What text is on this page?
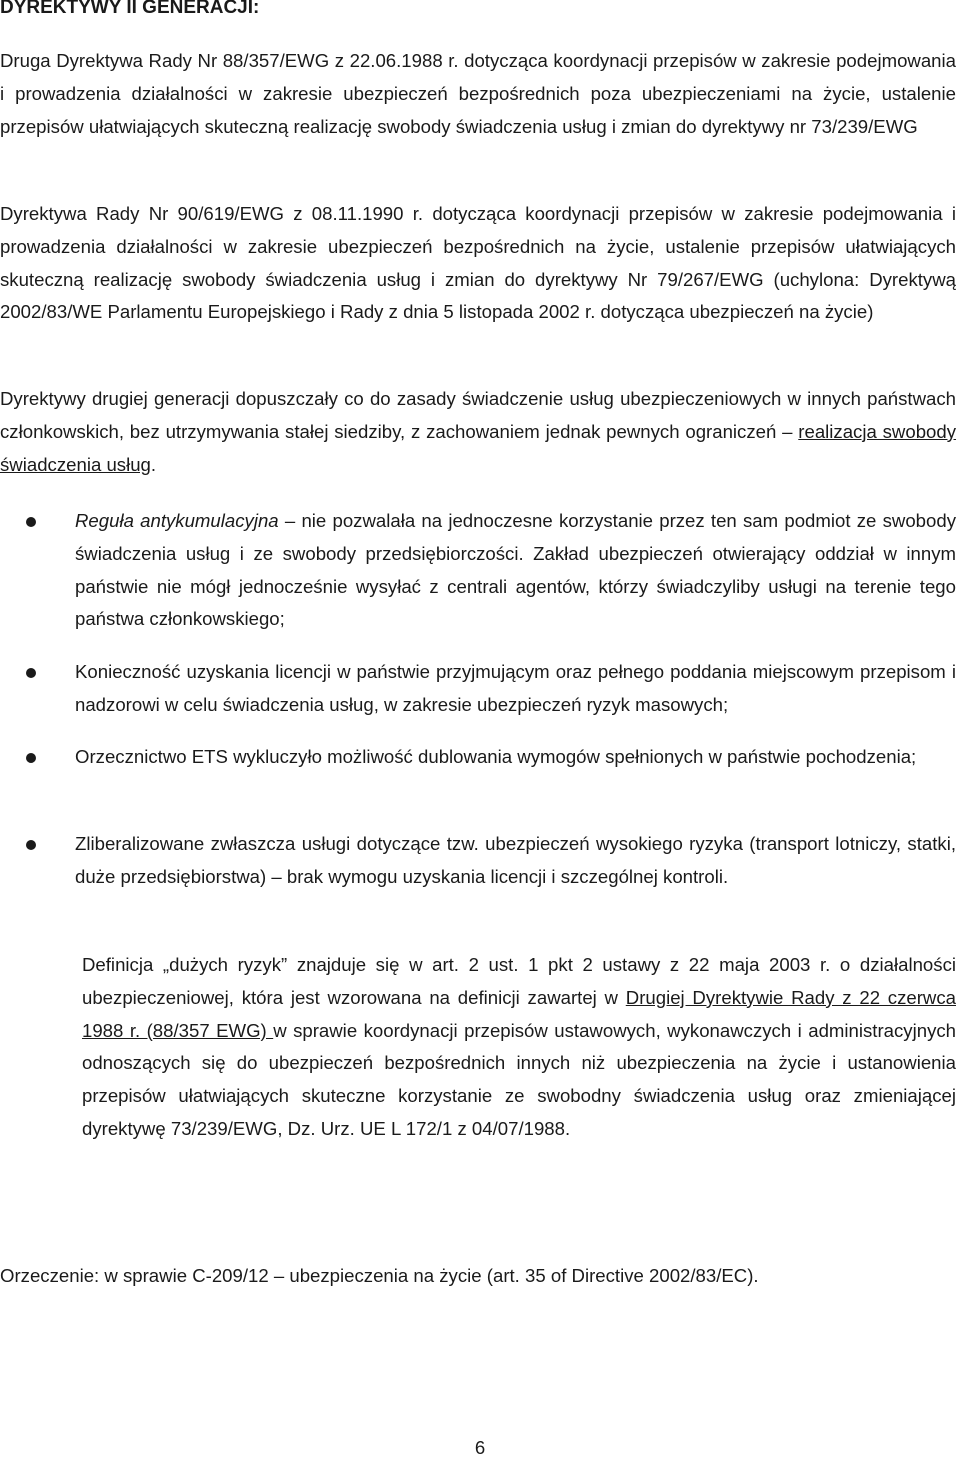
DYREKTYWY II GENERACJI:

Druga Dyrektywa Rady Nr 88/357/EWG z 22.06.1988 r. dotycząca koordynacji przepisów w zakresie podejmowania i prowadzenia działalności w zakresie ubezpieczeń bezpośrednich poza ubezpieczeniami na życie, ustalenie przepisów ułatwiających skuteczną realizację swobody świadczenia usług i zmian do dyrektywy nr 73/239/EWG

Dyrektywa Rady Nr 90/619/EWG z 08.11.1990 r. dotycząca koordynacji przepisów w zakresie podejmowania i prowadzenia działalności w zakresie ubezpieczeń bezpośrednich na życie, ustalenie przepisów ułatwiających skuteczną realizację swobody świadczenia usług i zmian do dyrektywy Nr 79/267/EWG (uchylona: Dyrektywą 2002/83/WE Parlamentu Europejskiego i Rady z dnia 5 listopada 2002 r. dotycząca ubezpieczeń na życie)

Dyrektywy drugiej generacji dopuszczały co do zasady świadczenie usług ubezpieczeniowych w innych państwach członkowskich, bez utrzymywania stałej siedziby, z zachowaniem jednak pewnych ograniczeń – realizacja swobody świadczenia usług.

Reguła antykumulacyjna – nie pozwalała na jednoczesne korzystanie przez ten sam podmiot ze swobody świadczenia usług i ze swobody przedsiębiorczości. Zakład ubezpieczeń otwierający oddział w innym państwie nie mógł jednocześnie wysyłać z centrali agentów, którzy świadczyliby usługi na terenie tego państwa członkowskiego;
Konieczność uzyskania licencji w państwie przyjmującym oraz pełnego poddania miejscowym przepisom i nadzorowi w celu świadczenia usług, w zakresie ubezpieczeń ryzyk masowych;
Orzecznictwo ETS wykluczyło możliwość dublowania wymogów spełnionych w państwie pochodzenia;
Zliberalizowane zwłaszcza usługi dotyczące tzw. ubezpieczeń wysokiego ryzyka (transport lotniczy, statki, duże przedsiębiorstwa) – brak wymogu uzyskania licencji i szczególnej kontroli.

Definicja „dużych ryzyk” znajduje się w art. 2 ust. 1 pkt 2 ustawy z 22 maja 2003 r. o działalności ubezpieczeniowej, która jest wzorowana na definicji zawartej w Drugiej Dyrektywie Rady z 22 czerwca 1988 r. (88/357 EWG) w sprawie koordynacji przepisów ustawowych, wykonawczych i administracyjnych odnoszących się do ubezpieczeń bezpośrednich innych niż ubezpieczenia na życie i ustanowienia przepisów ułatwiających skuteczne korzystanie ze swobodny świadczenia usług oraz zmieniającej dyrektywę 73/239/EWG, Dz. Urz. UE L 172/1 z 04/07/1988.

Orzeczenie: w sprawie C-209/12 – ubezpieczenia na życie (art. 35 of Directive 2002/83/EC).

6
